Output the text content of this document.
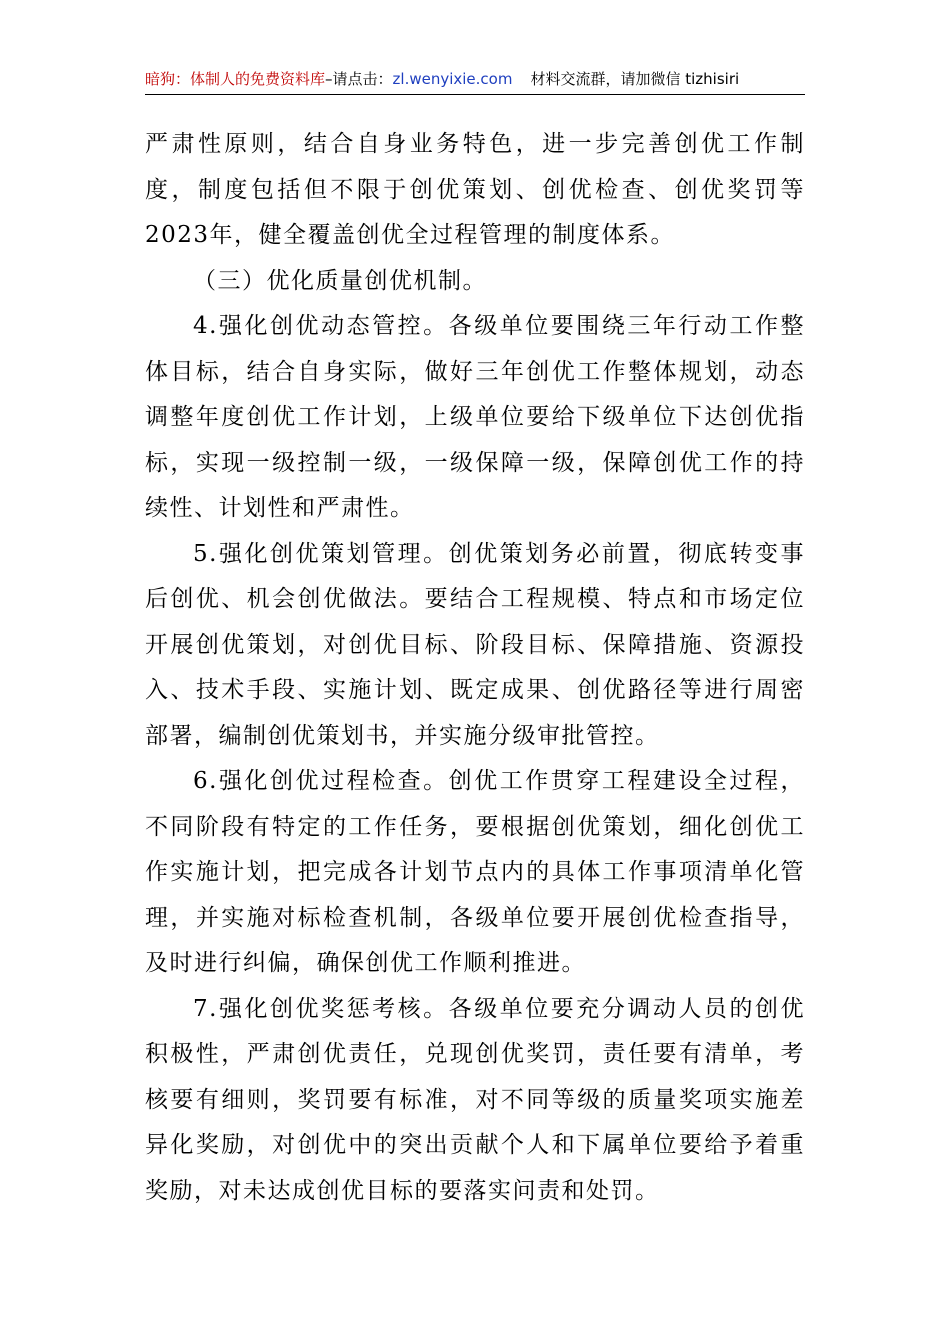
暗狗：体制人的免费资料库–请点击：zl.wenyixie.com 材料交流群，请加微信 tizhisiri

严肃性原则，结合自身业务特色，进一步完善创优工作制度，制度包括但不限于创优策划、创优检查、创优奖罚等2023年，健全覆盖创优全过程管理的制度体系。

（三）优化质量创优机制。

4.强化创优动态管控。各级单位要围绕三年行动工作整体目标，结合自身实际，做好三年创优工作整体规划，动态调整年度创优工作计划，上级单位要给下级单位下达创优指标，实现一级控制一级，一级保障一级，保障创优工作的持续性、计划性和严肃性。

5.强化创优策划管理。创优策划务必前置，彻底转变事后创优、机会创优做法。要结合工程规模、特点和市场定位开展创优策划，对创优目标、阶段目标、保障措施、资源投入、技术手段、实施计划、既定成果、创优路径等进行周密部署，编制创优策划书，并实施分级审批管控。

6.强化创优过程检查。创优工作贯穿工程建设全过程，不同阶段有特定的工作任务，要根据创优策划，细化创优工作实施计划，把完成各计划节点内的具体工作事项清单化管理，并实施对标检查机制，各级单位要开展创优检查指导，及时进行纠偏，确保创优工作顺利推进。

7.强化创优奖惩考核。各级单位要充分调动人员的创优积极性，严肃创优责任，兑现创优奖罚，责任要有清单，考核要有细则，奖罚要有标准，对不同等级的质量奖项实施差异化奖励，对创优中的突出贡献个人和下属单位要给予着重奖励，对未达成创优目标的要落实问责和处罚。
